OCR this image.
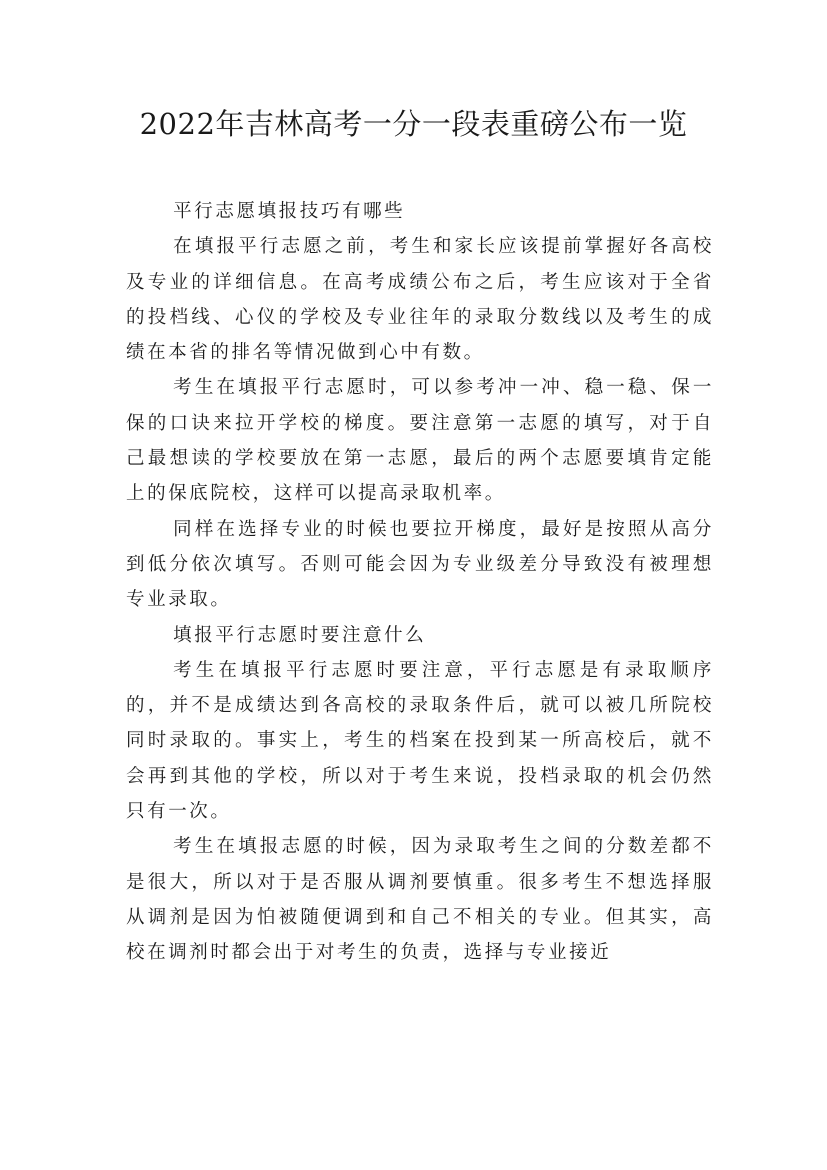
2022年吉林高考一分一段表重磅公布一览

平行志愿填报技巧有哪些

在填报平行志愿之前，考生和家长应该提前掌握好各高校及专业的详细信息。在高考成绩公布之后，考生应该对于全省的投档线、心仪的学校及专业往年的录取分数线以及考生的成绩在本省的排名等情况做到心中有数。

考生在填报平行志愿时，可以参考冲一冲、稳一稳、保一保的口诀来拉开学校的梯度。要注意第一志愿的填写，对于自己最想读的学校要放在第一志愿，最后的两个志愿要填肯定能上的保底院校，这样可以提高录取机率。

同样在选择专业的时候也要拉开梯度，最好是按照从高分到低分依次填写。否则可能会因为专业级差分导致没有被理想专业录取。

填报平行志愿时要注意什么

考生在填报平行志愿时要注意，平行志愿是有录取顺序的，并不是成绩达到各高校的录取条件后，就可以被几所院校同时录取的。事实上，考生的档案在投到某一所高校后，就不会再到其他的学校，所以对于考生来说，投档录取的机会仍然只有一次。

考生在填报志愿的时候，因为录取考生之间的分数差都不是很大，所以对于是否服从调剂要慎重。很多考生不想选择服从调剂是因为怕被随便调到和自己不相关的专业。但其实，高校在调剂时都会出于对考生的负责，选择与专业接近
